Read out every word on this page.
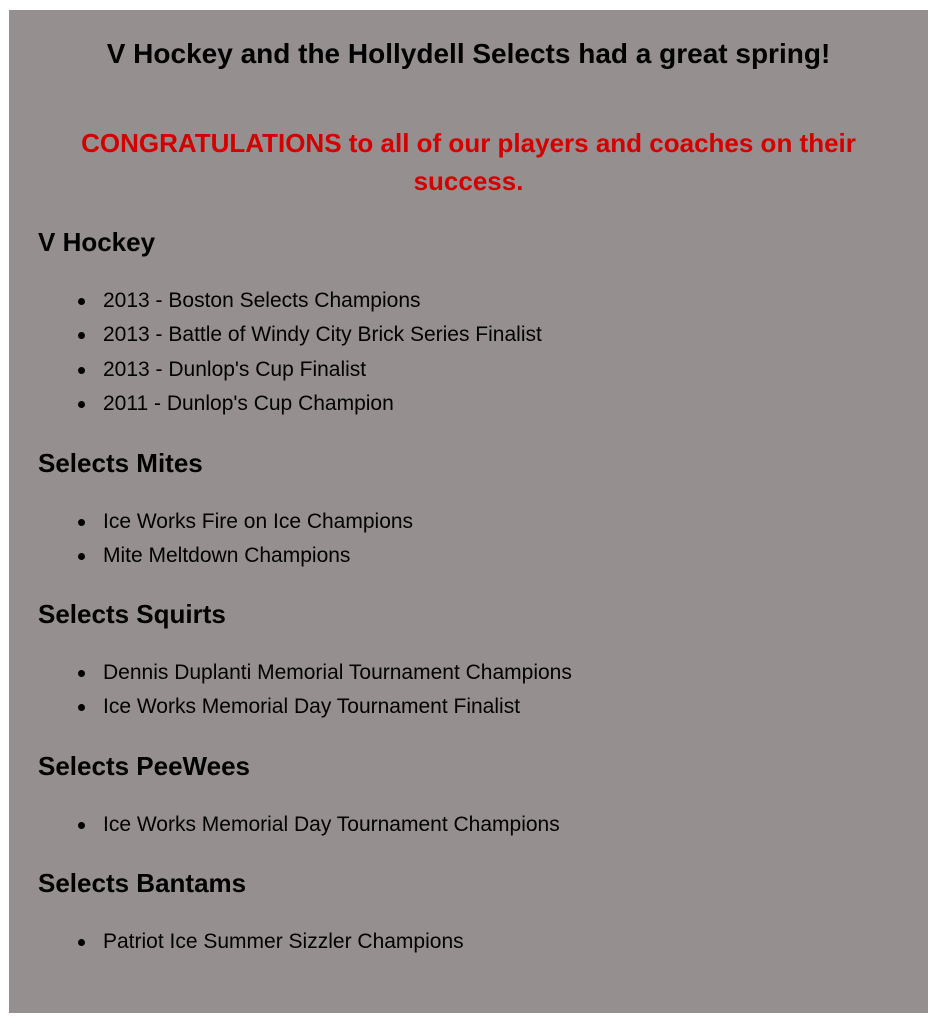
V Hockey and the Hollydell Selects had a great spring!

CONGRATULATIONS to all of our players and coaches on their success.

V Hockey
2013 - Boston Selects Champions
2013 - Battle of Windy City Brick Series Finalist
2013 - Dunlop's Cup Finalist
2011 - Dunlop's Cup Champion
Selects Mites
Ice Works Fire on Ice Champions
Mite Meltdown Champions
Selects Squirts
Dennis Duplanti Memorial Tournament Champions
Ice Works Memorial Day Tournament Finalist
Selects PeeWees
Ice Works Memorial Day Tournament Champions
Selects Bantams
Patriot Ice Summer Sizzler Champions
